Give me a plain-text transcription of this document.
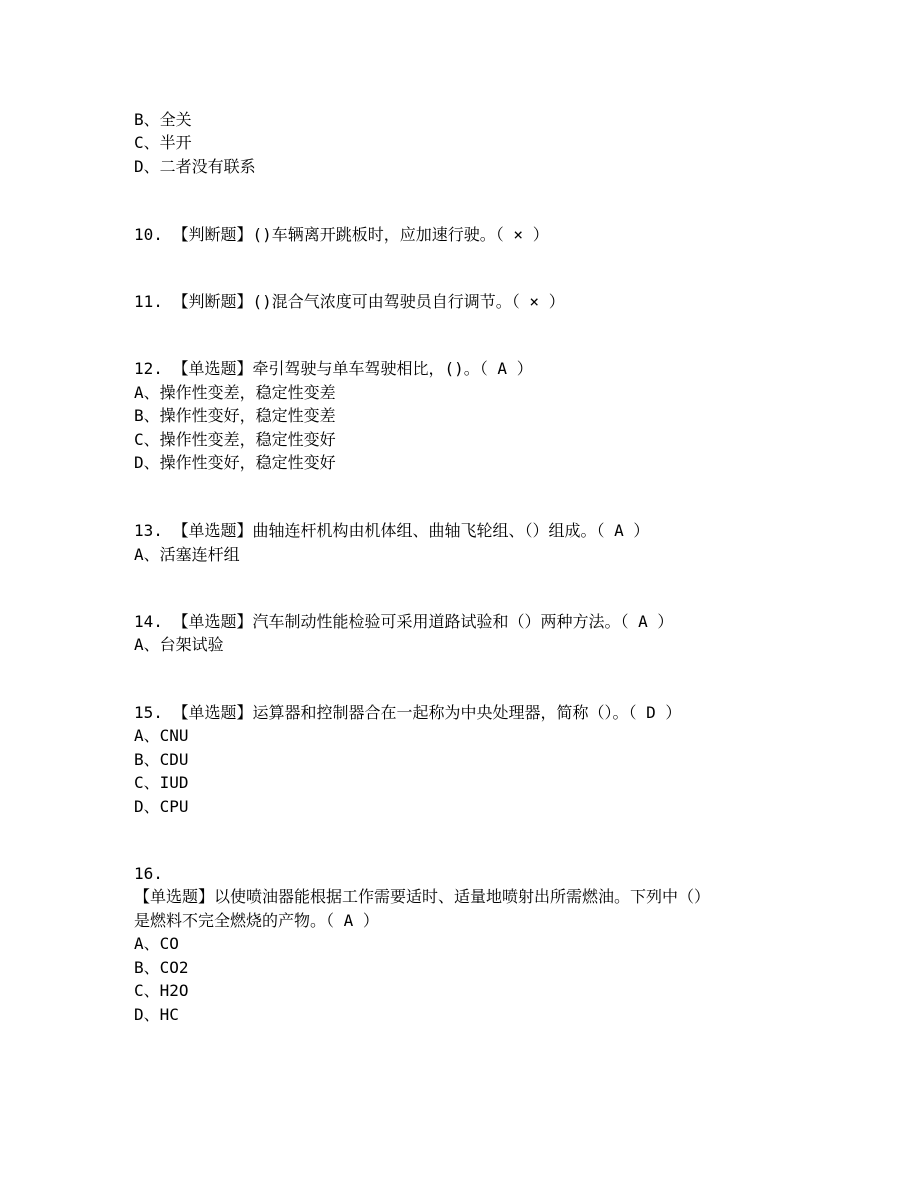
B、全关
C、半开
D、二者没有联系
10. 【判断题】()车辆离开跳板时，应加速行驶。（ × ）
11. 【判断题】()混合气浓度可由驾驶员自行调节。（ × ）
12. 【单选题】牵引驾驶与单车驾驶相比，()。（ A ）
A、操作性变差，稳定性变差
B、操作性变好，稳定性变差
C、操作性变差，稳定性变好
D、操作性变好，稳定性变好
13. 【单选题】曲轴连杆机构由机体组、曲轴飞轮组、（）组成。（ A ）
A、活塞连杆组
14. 【单选题】汽车制动性能检验可采用道路试验和（）两种方法。（ A ）
A、台架试验
15. 【单选题】运算器和控制器合在一起称为中央处理器，简称（）。（ D ）
A、CNU
B、CDU
C、IUD
D、CPU
16.
【单选题】以使喷油器能根据工作需要适时、适量地喷射出所需燃油。下列中（）
是燃料不完全燃烧的产物。（ A ）
A、CO
B、CO2
C、H2O
D、HC
